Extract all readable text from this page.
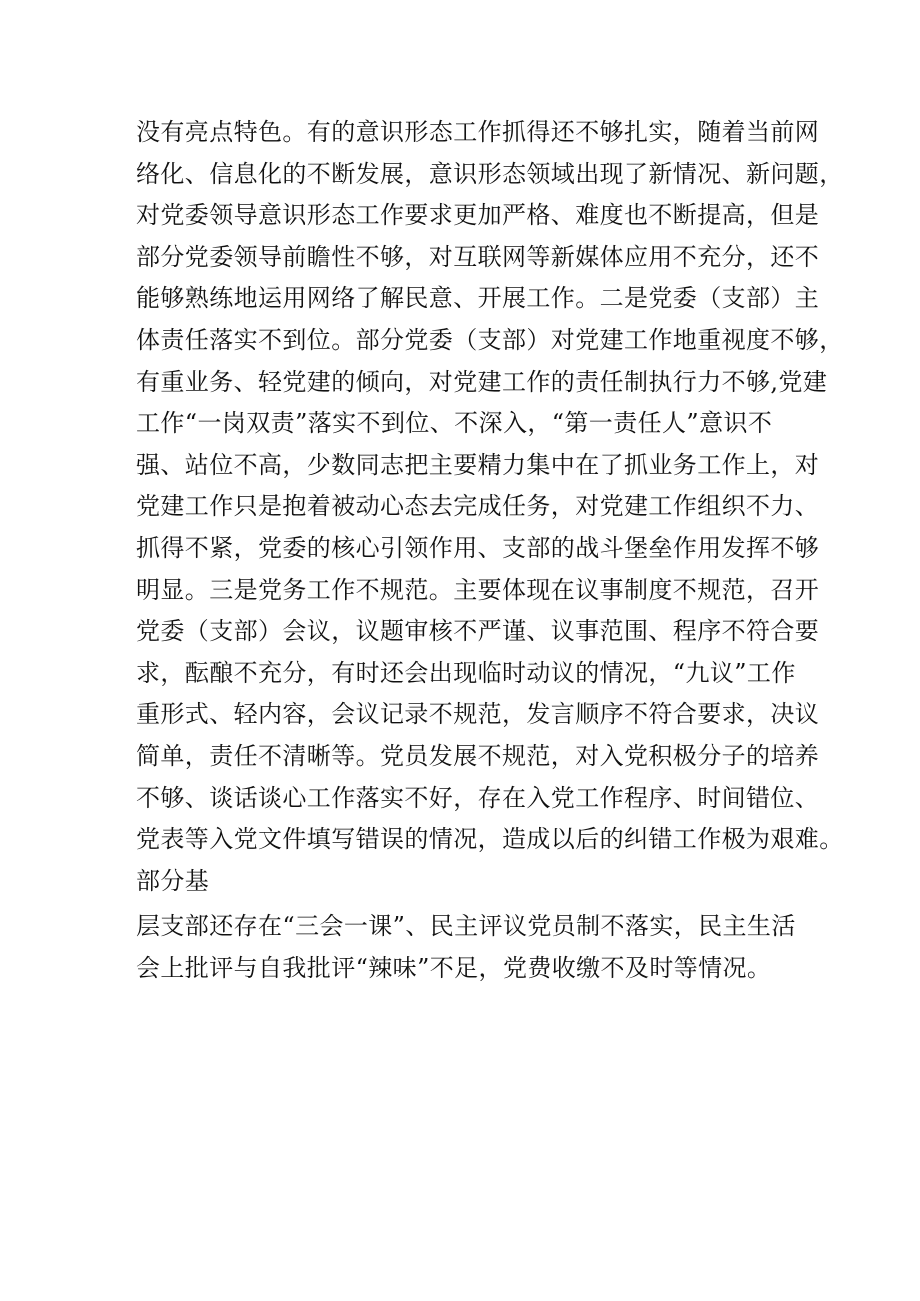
没有亮点特色。有的意识形态工作抓得还不够扎实，随着当前网
络化、信息化的不断发展，意识形态领域出现了新情况、新问题，
对党委领导意识形态工作要求更加严格、难度也不断提高，但是
部分党委领导前瞻性不够，对互联网等新媒体应用不充分，还不
能够熟练地运用网络了解民意、开展工作。二是党委（支部）主
体责任落实不到位。部分党委（支部）对党建工作地重视度不够，
有重业务、轻党建的倾向，对党建工作的责任制执行力不够,党建
工作“一岗双责”落实不到位、不深入，“第一责任人”意识不
强、站位不高，少数同志把主要精力集中在了抓业务工作上，对
党建工作只是抱着被动心态去完成任务，对党建工作组织不力、
抓得不紧，党委的核心引领作用、支部的战斗堡垒作用发挥不够
明显。三是党务工作不规范。主要体现在议事制度不规范，召开
党委（支部）会议，议题审核不严谨、议事范围、程序不符合要
求，酝酿不充分，有时还会出现临时动议的情况，“九议”工作
重形式、轻内容，会议记录不规范，发言顺序不符合要求，决议
简单，责任不清晰等。党员发展不规范，对入党积极分子的培养
不够、谈话谈心工作落实不好，存在入党工作程序、时间错位、
党表等入党文件填写错误的情况，造成以后的纠错工作极为艰难。
部分基
层支部还存在“三会一课”、民主评议党员制不落实，民主生活
会上批评与自我批评“辣味”不足，党费收缴不及时等情况。
